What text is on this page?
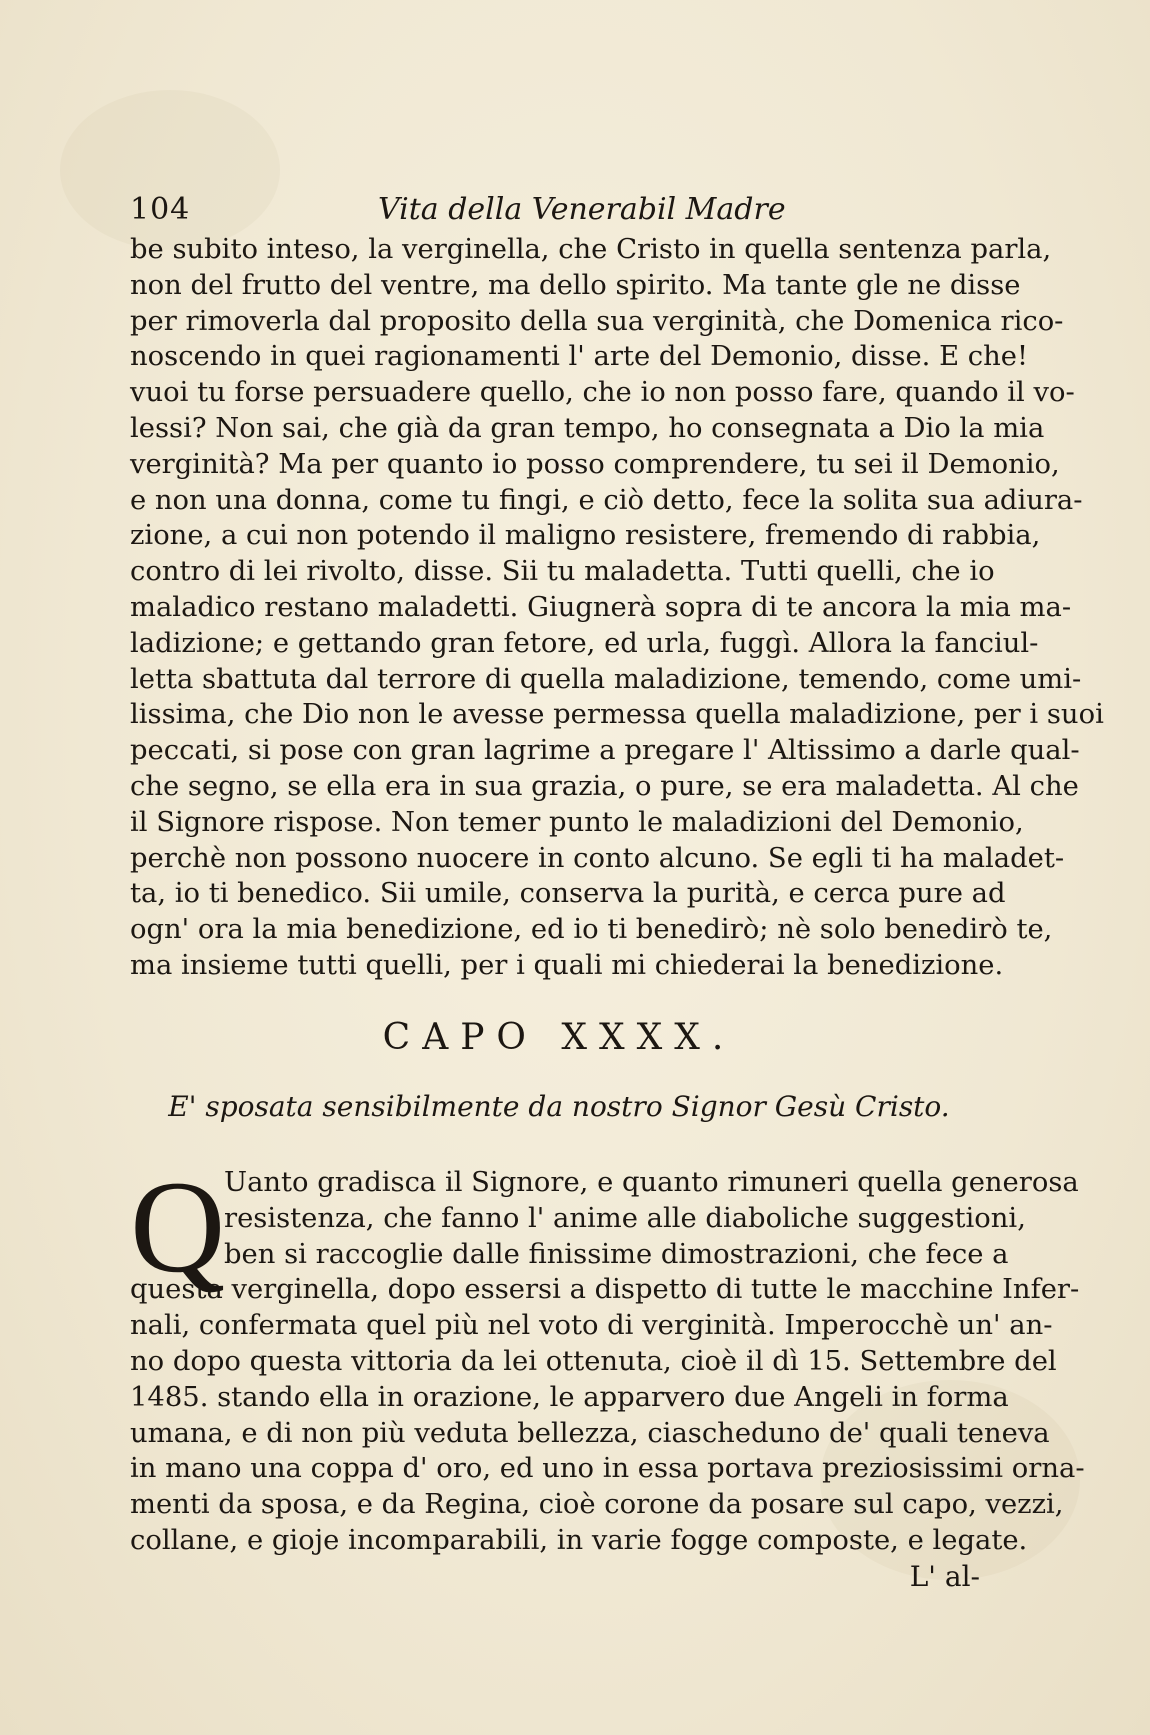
104	Vita della Venerabil Madre
be subito inteso, la verginella, che Cristo in quella sentenza parla,
non del frutto del ventre, ma dello spirito. Ma tante gle ne disse
per rimoverla dal proposito della sua verginità, che Domenica rico-
noscendo in quei ragionamenti l' arte del Demonio, disse. E che!
vuoi tu forse persuadere quello, che io non posso fare, quando il vo-
lessi? Non sai, che già da gran tempo, ho consegnata a Dio la mia
verginità? Ma per quanto io posso comprendere, tu sei il Demonio,
e non una donna, come tu fingi, e ciò detto, fece la solita sua adiura-
zione, a cui non potendo il maligno resistere, fremendo di rabbia,
contro di lei rivolto, disse. Sii tu maladetta. Tutti quelli, che io
maladico restano maladetti. Giugnerà sopra di te ancora la mia ma-
ladizione; e gettando gran fetore, ed urla, fuggì. Allora la fanciul-
letta sbattuta dal terrore di quella maladizione, temendo, come umi-
lissima, che Dio non le avesse permessa quella maladizione, per i suoi
peccati, si pose con gran lagrime a pregare l' Altissimo a darle qual-
che segno, se ella era in sua grazia, o pure, se era maladetta. Al che
il Signore rispose. Non temer punto le maladizioni del Demonio,
perchè non possono nuocere in conto alcuno. Se egli ti ha maladet-
ta, io ti benedico. Sii umile, conserva la purità, e cerca pure ad
ogn' ora la mia benedizione, ed io ti benedirò; nè solo benedirò te,
ma insieme tutti quelli, per i quali mi chiederai la benedizione.
CAPO XXXX.
E' sposata sensibilmente da nostro Signor Gesù Cristo.
Q
Uanto gradisca il Signore, e quanto rimuneri quella generosa
resistenza, che fanno l' anime alle diaboliche suggestioni,
ben si raccoglie dalle finissime dimostrazioni, che fece a
questa verginella, dopo essersi a dispetto di tutte le macchine Infer-
nali, confermata quel più nel voto di verginità. Imperocchè un' an-
no dopo questa vittoria da lei ottenuta, cioè il dì 15. Settembre del
1485. stando ella in orazione, le apparvero due Angeli in forma
umana, e di non più veduta bellezza, ciascheduno de' quali teneva
in mano una coppa d' oro, ed uno in essa portava preziosissimi orna-
menti da sposa, e da Regina, cioè corone da posare sul capo, vezzi,
collane, e gioje incomparabili, in varie fogge composte, e legate.
L' al-
